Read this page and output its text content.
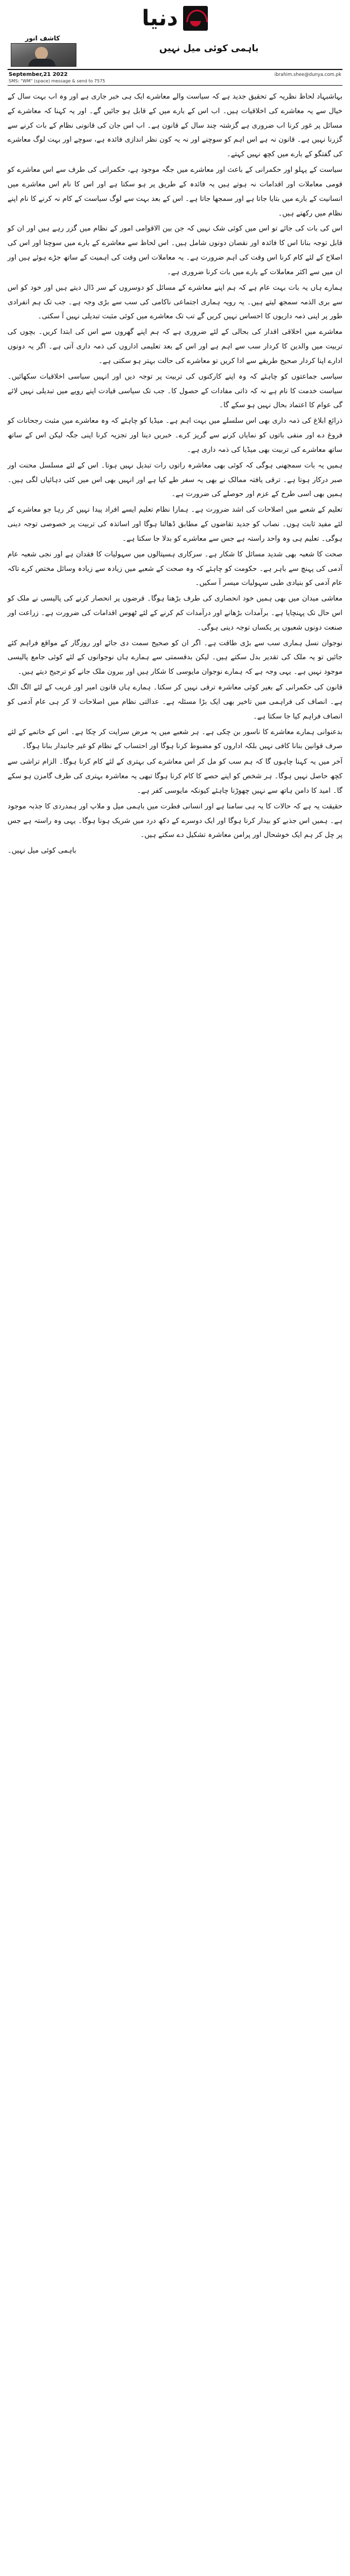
دنیا
باہمی کوئی میل نہیں
کاشف انور
September,21 2022	ibrahim.shee@dunya.com.pk
SMS: "WM" (space) message & send to 7575

بہاشبہاد لحاظ نظریہ کے تحقیق جدید ہے کہ سیاست والے معاشرے ایک ہی خبر جاری ہے اور وہ اب بہت سال کے خیال سے یہ معاشرے کی اخلاقیات ہیں۔ اب اس کے بارے میں کے قابل ہو جائیں گے۔ اور یہ کہنا کہ معاشرے کے مسائل پر غور کرنا اب ضروری ہے گزشتہ چند سال کے قانون ہے۔ اب اس جان کی قانونی نظام کے بات کرنے سے گزرنا نہیں ہے۔ قانون نہ ہے اس اہم کو سوچنے اور نہ یہ کون نظر اندازی فائدہ ہے، سوچے اور بہت لوگ معاشرے کی گفتگو کے بارے میں کچھ نہیں کہتے۔

سیاست کے پہلو اور حکمرانی کے باعث اور معاشرے میں جگہ موجود ہے، حکمرانی کی طرف سے اس معاشرے کو قومی معاملات اور اقدامات نہ ہوتے ہیں یہ فائدہ کے طریق پر ہو سکتا ہے اور اس کا نام اس معاشرے میں انسانیت کے بارے میں بتایا جاتا ہے اور سمجھا جاتا ہے۔ اس کے بعد بہت سے لوگ سیاست کے کام نہ کرنے کا نام اپنے نظام میں رکھتے ہیں۔

اس کی بات کی جائے تو اس میں کوئی شک نہیں کہ جن بین الاقوامی امور کے نظام میں گزر رہے ہیں اور ان کو قابل توجہ بنانا اس کا فائدہ اور نقصان دونوں شامل ہیں۔ اس لحاظ سے معاشرے کے بارے میں سوچنا اور اس کی اصلاح کے لئے کام کرنا اس وقت کی اہم ضرورت ہے۔ یہ معاملات اس وقت کی اہمیت کے ساتھ جڑے ہوئے ہیں اور ان میں سے اکثر معاملات کے بارے میں بات کرنا ضروری ہے۔

ہمارے ہاں یہ بات بہت عام ہے کہ ہم اپنے معاشرے کے مسائل کو دوسروں کے سر ڈال دیتے ہیں اور خود کو اس سے بری الذمہ سمجھ لیتے ہیں۔ یہ رویہ ہماری اجتماعی ناکامی کی سب سے بڑی وجہ ہے۔ جب تک ہم انفرادی طور پر اپنی ذمہ داریوں کا احساس نہیں کریں گے تب تک معاشرے میں کوئی مثبت تبدیلی نہیں آ سکتی۔

معاشرے میں اخلاقی اقدار کی بحالی کے لئے ضروری ہے کہ ہم اپنے گھروں سے اس کی ابتدا کریں۔ بچوں کی تربیت میں والدین کا کردار سب سے اہم ہے اور اس کے بعد تعلیمی اداروں کی ذمہ داری آتی ہے۔ اگر یہ دونوں ادارے اپنا کردار صحیح طریقے سے ادا کریں تو معاشرے کی حالت بہتر ہو سکتی ہے۔

سیاسی جماعتوں کو چاہئے کہ وہ اپنے کارکنوں کی تربیت پر توجہ دیں اور انہیں سیاسی اخلاقیات سکھائیں۔ سیاست خدمت کا نام ہے نہ کہ ذاتی مفادات کے حصول کا۔ جب تک سیاسی قیادت اپنے رویے میں تبدیلی نہیں لائے گی عوام کا اعتماد بحال نہیں ہو سکے گا۔

ذرائع ابلاغ کی ذمہ داری بھی اس سلسلے میں بہت اہم ہے۔ میڈیا کو چاہئے کہ وہ معاشرے میں مثبت رجحانات کو فروغ دے اور منفی باتوں کو نمایاں کرنے سے گریز کرے۔ خبریں دینا اور تجزیہ کرنا اپنی جگہ لیکن اس کے ساتھ ساتھ معاشرے کی تربیت بھی میڈیا کی ذمہ داری ہے۔

ہمیں یہ بات سمجھنی ہوگی کہ کوئی بھی معاشرہ راتوں رات تبدیل نہیں ہوتا۔ اس کے لئے مسلسل محنت اور صبر درکار ہوتا ہے۔ ترقی یافتہ ممالک نے بھی یہ سفر طے کیا ہے اور انہیں بھی اس میں کئی دہائیاں لگی ہیں۔ ہمیں بھی اسی طرح کے عزم اور حوصلے کی ضرورت ہے۔

تعلیم کے شعبے میں اصلاحات کی اشد ضرورت ہے۔ ہمارا نظام تعلیم ایسے افراد پیدا نہیں کر رہا جو معاشرے کے لئے مفید ثابت ہوں۔ نصاب کو جدید تقاضوں کے مطابق ڈھالنا ہوگا اور اساتذہ کی تربیت پر خصوصی توجہ دینی ہوگی۔ تعلیم ہی وہ واحد راستہ ہے جس سے معاشرے کو بدلا جا سکتا ہے۔

صحت کا شعبہ بھی شدید مسائل کا شکار ہے۔ سرکاری ہسپتالوں میں سہولیات کا فقدان ہے اور نجی شعبہ عام آدمی کی پہنچ سے باہر ہے۔ حکومت کو چاہئے کہ وہ صحت کے شعبے میں زیادہ سے زیادہ وسائل مختص کرے تاکہ عام آدمی کو بنیادی طبی سہولیات میسر آ سکیں۔

معاشی میدان میں بھی ہمیں خود انحصاری کی طرف بڑھنا ہوگا۔ قرضوں پر انحصار کرنے کی پالیسی نے ملک کو اس حال تک پہنچایا ہے۔ برآمدات بڑھانے اور درآمدات کم کرنے کے لئے ٹھوس اقدامات کی ضرورت ہے۔ زراعت اور صنعت دونوں شعبوں پر یکساں توجہ دینی ہوگی۔

نوجوان نسل ہماری سب سے بڑی طاقت ہے۔ اگر ان کو صحیح سمت دی جائے اور روزگار کے مواقع فراہم کئے جائیں تو یہ ملک کی تقدیر بدل سکتے ہیں۔ لیکن بدقسمتی سے ہمارے ہاں نوجوانوں کے لئے کوئی جامع پالیسی موجود نہیں ہے۔ یہی وجہ ہے کہ ہمارے نوجوان مایوسی کا شکار ہیں اور بیرون ملک جانے کو ترجیح دیتے ہیں۔

قانون کی حکمرانی کے بغیر کوئی معاشرہ ترقی نہیں کر سکتا۔ ہمارے ہاں قانون امیر اور غریب کے لئے الگ الگ ہے۔ انصاف کی فراہمی میں تاخیر بھی ایک بڑا مسئلہ ہے۔ عدالتی نظام میں اصلاحات لا کر ہی عام آدمی کو انصاف فراہم کیا جا سکتا ہے۔

بدعنوانی ہمارے معاشرے کا ناسور بن چکی ہے۔ ہر شعبے میں یہ مرض سرایت کر چکا ہے۔ اس کے خاتمے کے لئے صرف قوانین بنانا کافی نہیں بلکہ اداروں کو مضبوط کرنا ہوگا اور احتساب کے نظام کو غیر جانبدار بنانا ہوگا۔

آخر میں یہ کہنا چاہوں گا کہ ہم سب کو مل کر اس معاشرے کی بہتری کے لئے کام کرنا ہوگا۔ الزام تراشی سے کچھ حاصل نہیں ہوگا۔ ہر شخص کو اپنے حصے کا کام کرنا ہوگا تبھی یہ معاشرہ بہتری کی طرف گامزن ہو سکے گا۔ امید کا دامن ہاتھ سے نہیں چھوڑنا چاہئے کیونکہ مایوسی کفر ہے۔

حقیقت یہ ہے کہ حالات کا یہ ہی سامنا ہے اور انسانی فطرت میں باہمی میل و ملاپ اور ہمدردی کا جذبہ موجود ہے۔ ہمیں اس جذبے کو بیدار کرنا ہوگا اور ایک دوسرے کے دکھ درد میں شریک ہونا ہوگا۔ یہی وہ راستہ ہے جس پر چل کر ہم ایک خوشحال اور پرامن معاشرہ تشکیل دے سکتے ہیں۔

باہمی کوئی میل نہیں۔
